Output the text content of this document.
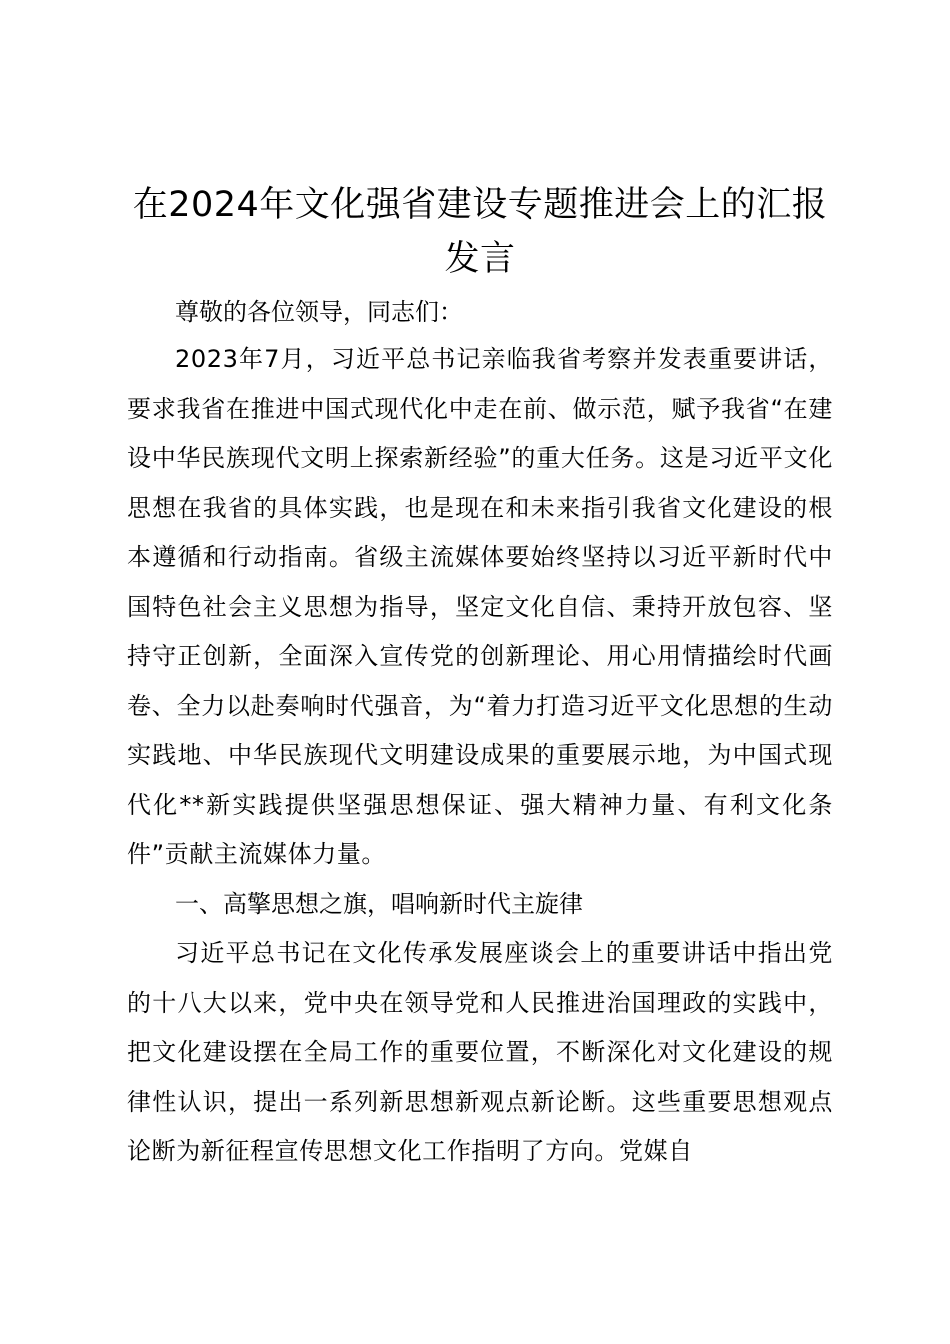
在2024年文化强省建设专题推进会上的汇报发言

尊敬的各位领导，同志们：

2023年7月，习近平总书记亲临我省考察并发表重要讲话，要求我省在推进中国式现代化中走在前、做示范，赋予我省“在建设中华民族现代文明上探索新经验”的重大任务。这是习近平文化思想在我省的具体实践，也是现在和未来指引我省文化建设的根本遵循和行动指南。省级主流媒体要始终坚持以习近平新时代中国特色社会主义思想为指导，坚定文化自信、秉持开放包容、坚持守正创新，全面深入宣传党的创新理论、用心用情描绘时代画卷、全力以赴奏响时代强音，为“着力打造习近平文化思想的生动实践地、中华民族现代文明建设成果的重要展示地，为中国式现代化**新实践提供坚强思想保证、强大精神力量、有利文化条件”贡献主流媒体力量。

一、高擎思想之旗，唱响新时代主旋律

习近平总书记在文化传承发展座谈会上的重要讲话中指出党的十八大以来，党中央在领导党和人民推进治国理政的实践中，把文化建设摆在全局工作的重要位置，不断深化对文化建设的规律性认识，提出一系列新思想新观点新论断。这些重要思想观点论断为新征程宣传思想文化工作指明了方向。党媒自
